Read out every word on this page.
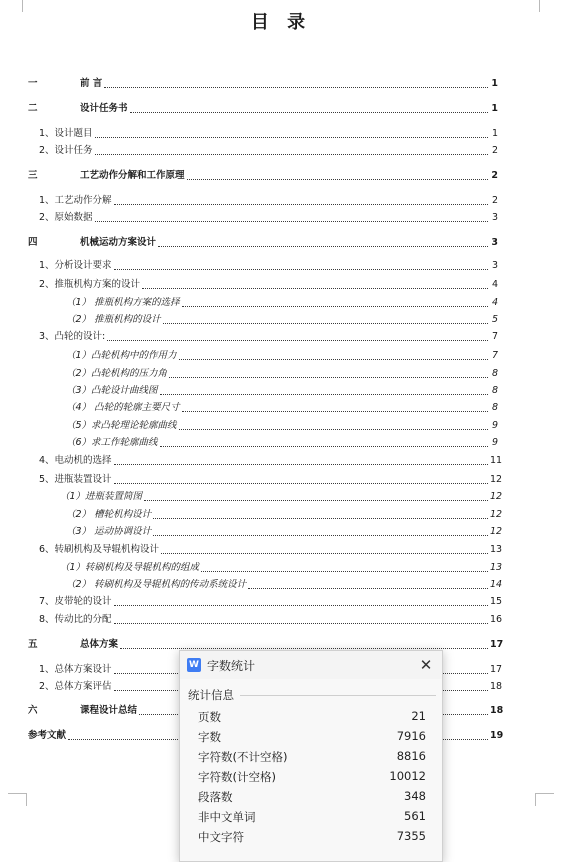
目 录
一	前 言	1
二	设计任务书	1
1、设计题目	1
2、设计任务	2
三	工艺动作分解和工作原理	2
1、工艺动作分解	2
2、原始数据	3
四	机械运动方案设计	3
1、分析设计要求	3
2、推瓶机构方案的设计	4
（1） 推瓶机构方案的选择	4
（2） 推瓶机构的设计	5
3、凸轮的设计:	7
（1）凸轮机构中的作用力	7
（2）凸轮机构的压力角	8
（3）凸轮设计曲线图	8
（4） 凸轮的轮廓主要尺寸	8
（5）求凸轮理论轮廓曲线	9
（6）求工作轮廓曲线	9
4、电动机的选择	11
5、进瓶装置设计	12
（1）进瓶装置简图	12
（2） 槽轮机构设计	12
（3） 运动协调设计	12
6、转刷机构及导辊机构设计	13
（1）转刷机构及导辊机构的组成	13
（2） 转刷机构及导辊机构的传动系统设计	14
7、皮带轮的设计	15
8、传动比的分配	16
五	总体方案	17
1、总体方案设计	17
2、总体方案评估	18
六	课程设计总结	18
参考文献	19
W 字数统计	✕
统计信息
页数	21
字数	7916
字符数(不计空格)	8816
字符数(计空格)	10012
段落数	348
非中文单词	561
中文字符	7355
